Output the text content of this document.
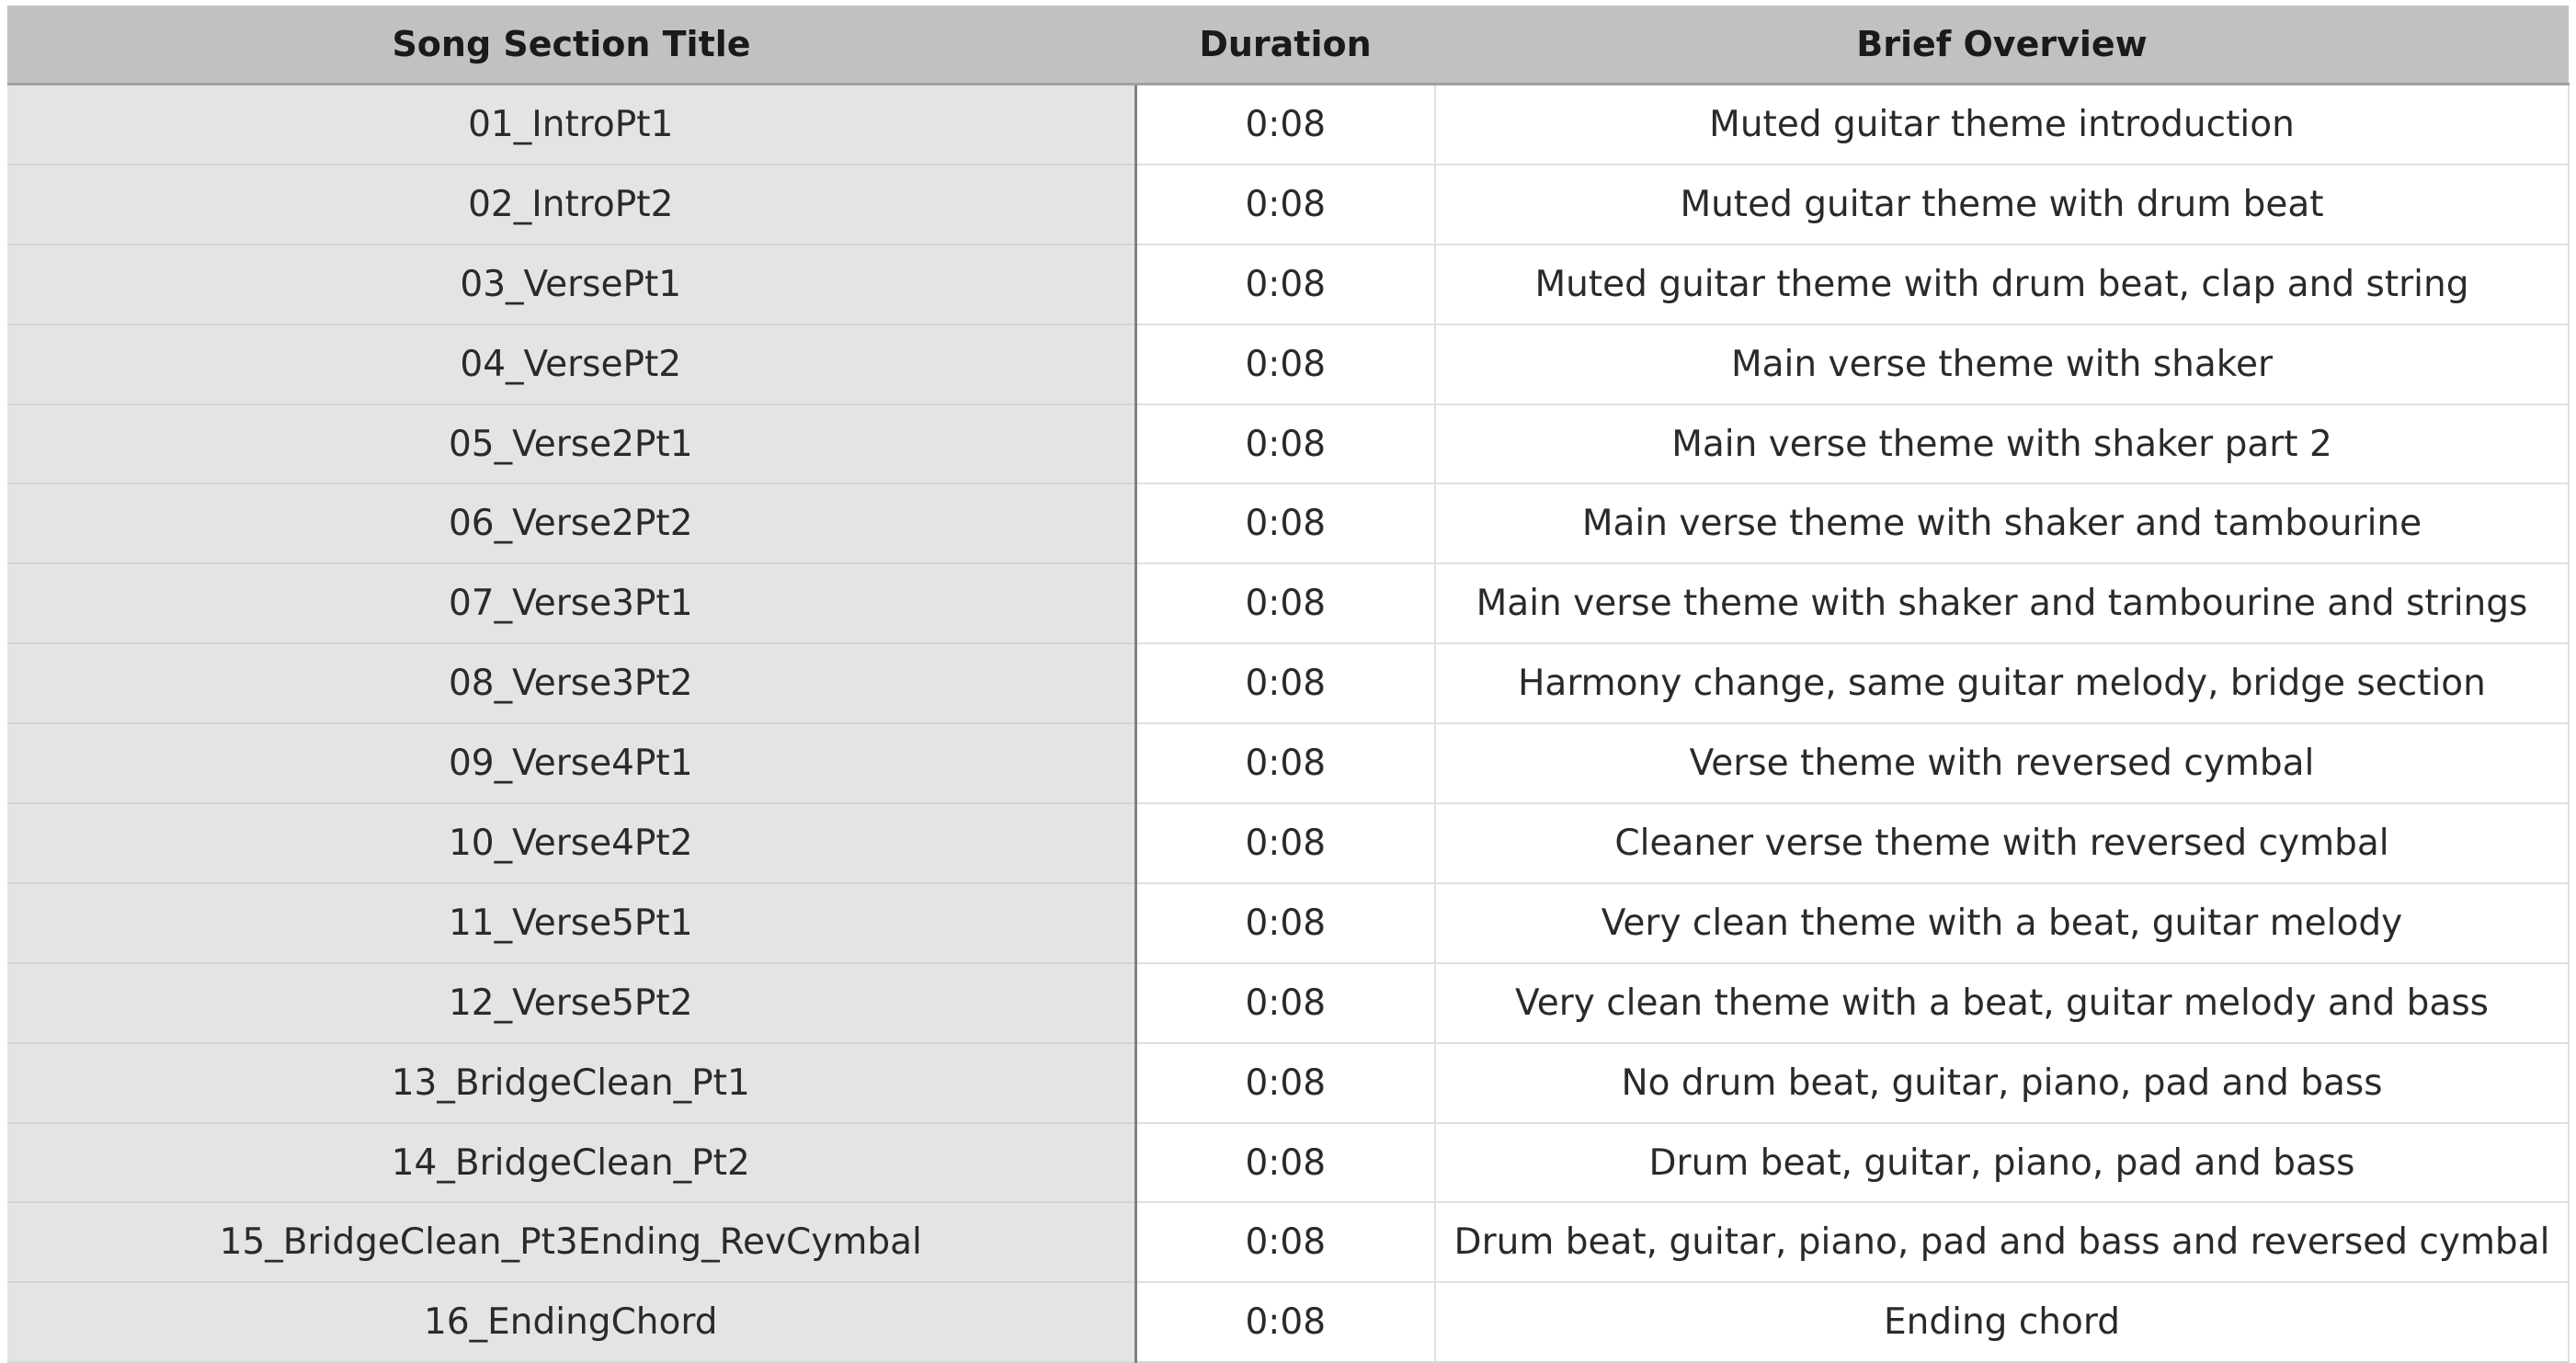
Song Section Title	Duration	Brief Overview
01_IntroPt1	0:08	Muted guitar theme introduction
02_IntroPt2	0:08	Muted guitar theme with drum beat
03_VersePt1	0:08	Muted guitar theme with drum beat, clap and string
04_VersePt2	0:08	Main verse theme with shaker
05_Verse2Pt1	0:08	Main verse theme with shaker part 2
06_Verse2Pt2	0:08	Main verse theme with shaker and tambourine
07_Verse3Pt1	0:08	Main verse theme with shaker and tambourine and strings
08_Verse3Pt2	0:08	Harmony change, same guitar melody, bridge section
09_Verse4Pt1	0:08	Verse theme with reversed cymbal
10_Verse4Pt2	0:08	Cleaner verse theme with reversed cymbal
11_Verse5Pt1	0:08	Very clean theme with a beat, guitar melody
12_Verse5Pt2	0:08	Very clean theme with a beat, guitar melody and bass
13_BridgeClean_Pt1	0:08	No drum beat, guitar, piano, pad and bass
14_BridgeClean_Pt2	0:08	Drum beat, guitar, piano, pad and bass
15_BridgeClean_Pt3Ending_RevCymbal	0:08	Drum beat, guitar, piano, pad and bass and reversed cymbal
16_EndingChord	0:08	Ending chord
